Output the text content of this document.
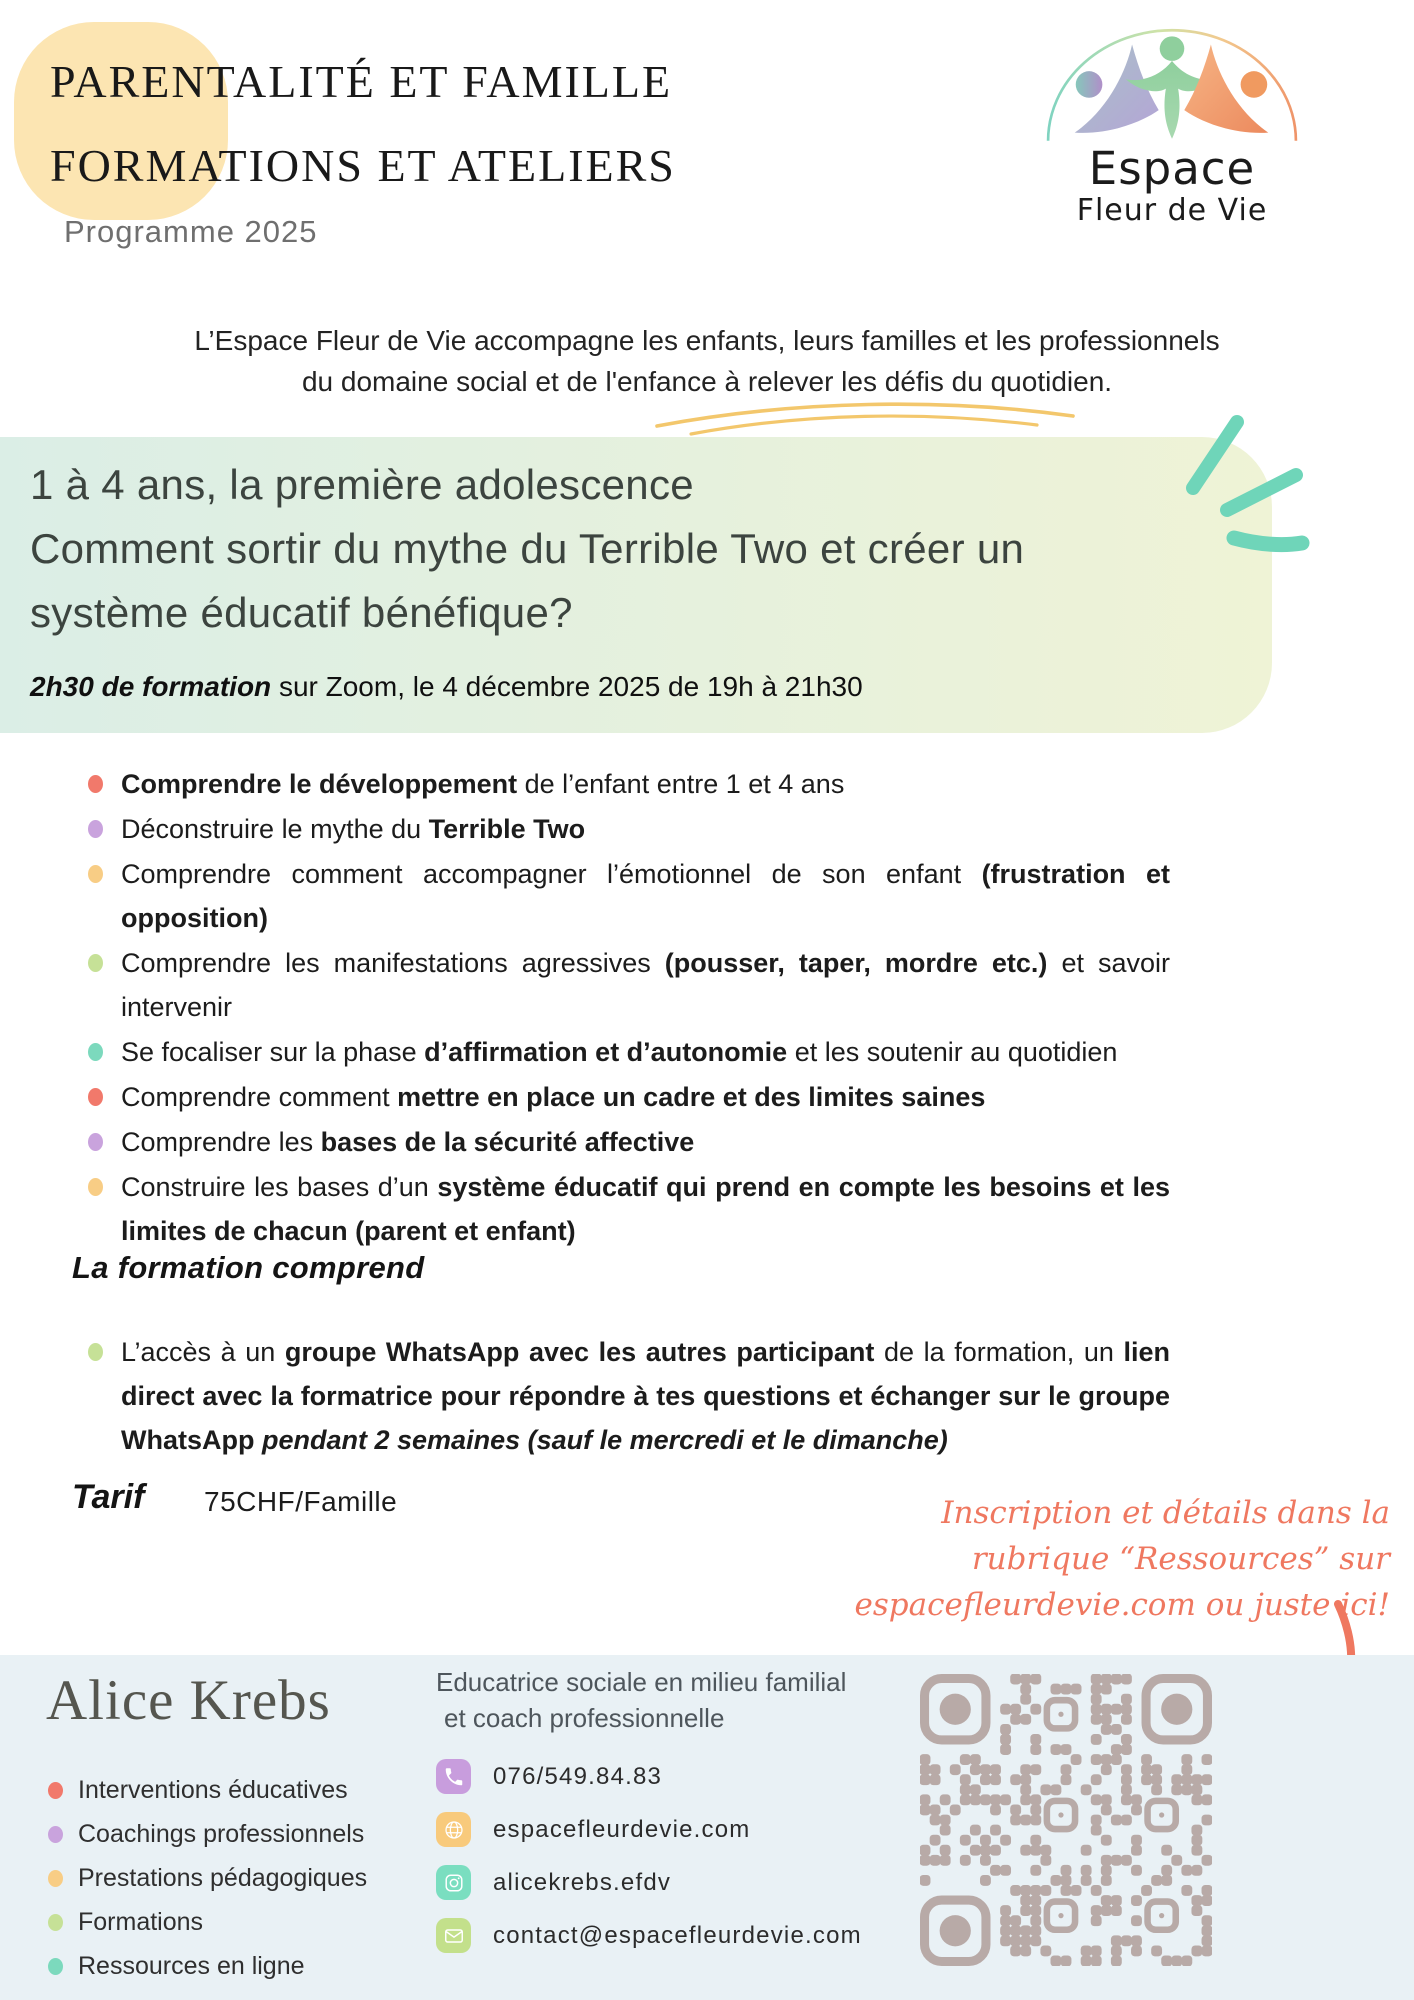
PARENTALITÉ ET FAMILLE
FORMATIONS ET ATELIERS
Programme 2025
Espace
Fleur de Vie
L’Espace Fleur de Vie accompagne les enfants, leurs familles et les professionnels
du domaine social et de l'enfance à relever les défis du quotidien.
1 à 4 ans, la première adolescence
Comment sortir du mythe du Terrible Two et créer un
système éducatif bénéfique?
2h30 de formation sur Zoom, le 4 décembre 2025 de 19h à 21h30

Comprendre le développement de l’enfant entre 1 et 4 ans

Déconstruire le mythe du Terrible Two

Comprendre comment accompagner l’émotionnel de son enfant (frustration et opposition)

Comprendre les manifestations agressives (pousser, taper, mordre etc.) et savoir intervenir

Se focaliser sur la phase d’affirmation et d’autonomie et les soutenir au quotidien

Comprendre comment mettre en place un cadre et des limites saines

Comprendre les bases de la sécurité affective

Construire les bases d’un système éducatif qui prend en compte les besoins et les limites de chacun (parent et enfant)

La formation comprend

L’accès à un groupe WhatsApp avec les autres participant de la formation, un lien direct avec la formatrice pour répondre à tes questions et échanger sur le groupe WhatsApp pendant 2 semaines (sauf le mercredi et le dimanche)

Tarif 75CHF/Famille	Inscription et détails dans la
rubrique “Ressources” sur
espacefleurdevie.com ou juste ici!
Alice Krebs
Interventions éducatives
Coachings professionnels
Prestations pédagogiques
Formations
Ressources en ligne
Educatrice sociale en milieu familial
et coach professionnelle
076/549.84.83
espacefleurdevie.com
alicekrebs.efdv
contact@espacefleurdevie.com
